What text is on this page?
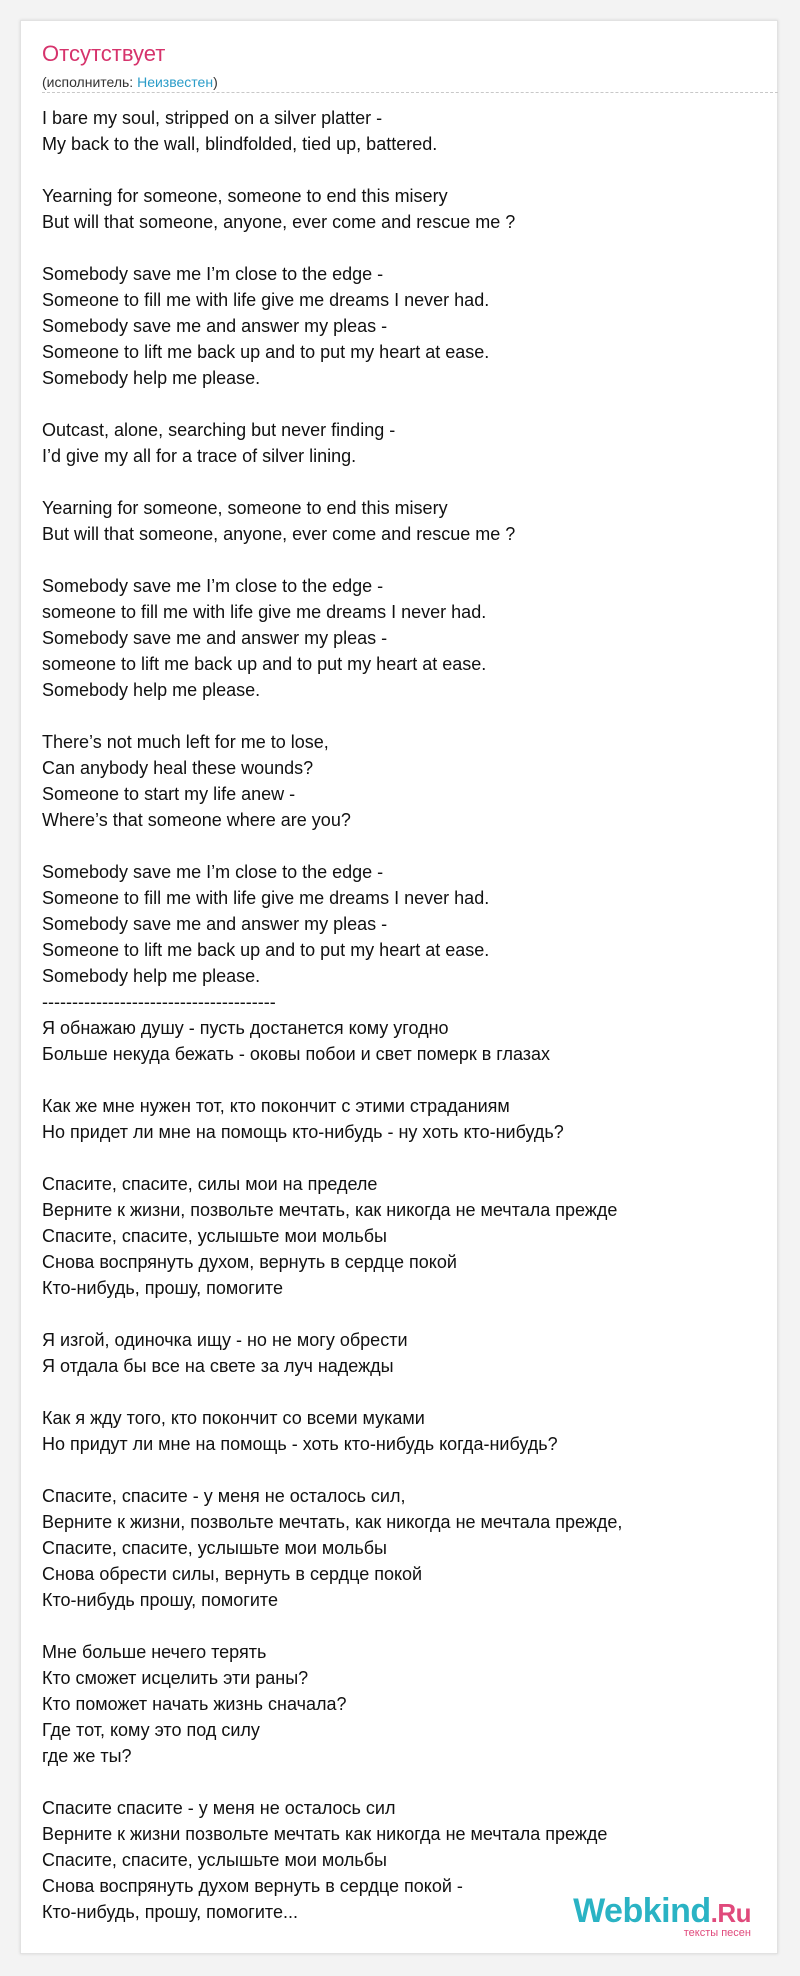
Отсутствует
(исполнитель: Неизвестен)
I bare my soul, stripped on a silver platter -
My back to the wall, blindfolded, tied up, battered.
Yearning for someone, someone to end this misery
But will that someone, anyone, ever come and rescue me ?
Somebody save me I’m close to the edge -
Someone to fill me with life give me dreams I never had.
Somebody save me and answer my pleas -
Someone to lift me back up and to put my heart at ease.
Somebody help me please.
Outcast, alone, searching but never finding -
I’d give my all for a trace of silver lining.
Yearning for someone, someone to end this misery
But will that someone, anyone, ever come and rescue me ?
Somebody save me I’m close to the edge -
someone to fill me with life give me dreams I never had.
Somebody save me and answer my pleas -
someone to lift me back up and to put my heart at ease.
Somebody help me please.
There’s not much left for me to lose,
Can anybody heal these wounds?
Someone to start my life anew -
Where’s that someone where are you?
Somebody save me I’m close to the edge -
Someone to fill me with life give me dreams I never had.
Somebody save me and answer my pleas -
Someone to lift me back up and to put my heart at ease.
Somebody help me please.
---------------------------------------
Я обнажаю душу - пусть достанется кому угодно
Больше некуда бежать - оковы побои и свет померк в глазах
Как же мне нужен тот, кто покончит с этими страданиям
Но придет ли мне на помощь кто-нибудь - ну хоть кто-нибудь?
Спасите, спасите, силы мои на пределе
Верните к жизни, позвольте мечтать, как никогда не мечтала прежде
Спасите, спасите, услышьте мои мольбы
Снова воспрянуть духом, вернуть в сердце покой
Кто-нибудь, прошу, помогите
Я изгой, одиночка ищу - но не могу обрести
Я отдала бы все на свете за луч надежды
Как я жду того, кто покончит со всеми муками
Но придут ли мне на помощь - хоть кто-нибудь когда-нибудь?
Спасите, спасите - у меня не осталось сил,
Верните к жизни, позвольте мечтать, как никогда не мечтала прежде,
Спасите, спасите, услышьте мои мольбы
Снова обрести силы, вернуть в сердце покой
Кто-нибудь прошу, помогите
Мне больше нечего терять
Кто сможет исцелить эти раны?
Кто поможет начать жизнь сначала?
Где тот, кому это под силу
где же ты?
Спасите спасите - у меня не осталось сил
Верните к жизни позвольте мечтать как никогда не мечтала прежде
Спасите, спасите, услышьте мои мольбы
Снова воспрянуть духом вернуть в сердце покой -
Кто-нибудь, прошу, помогите...	Webkind.Ru
тексты песен
